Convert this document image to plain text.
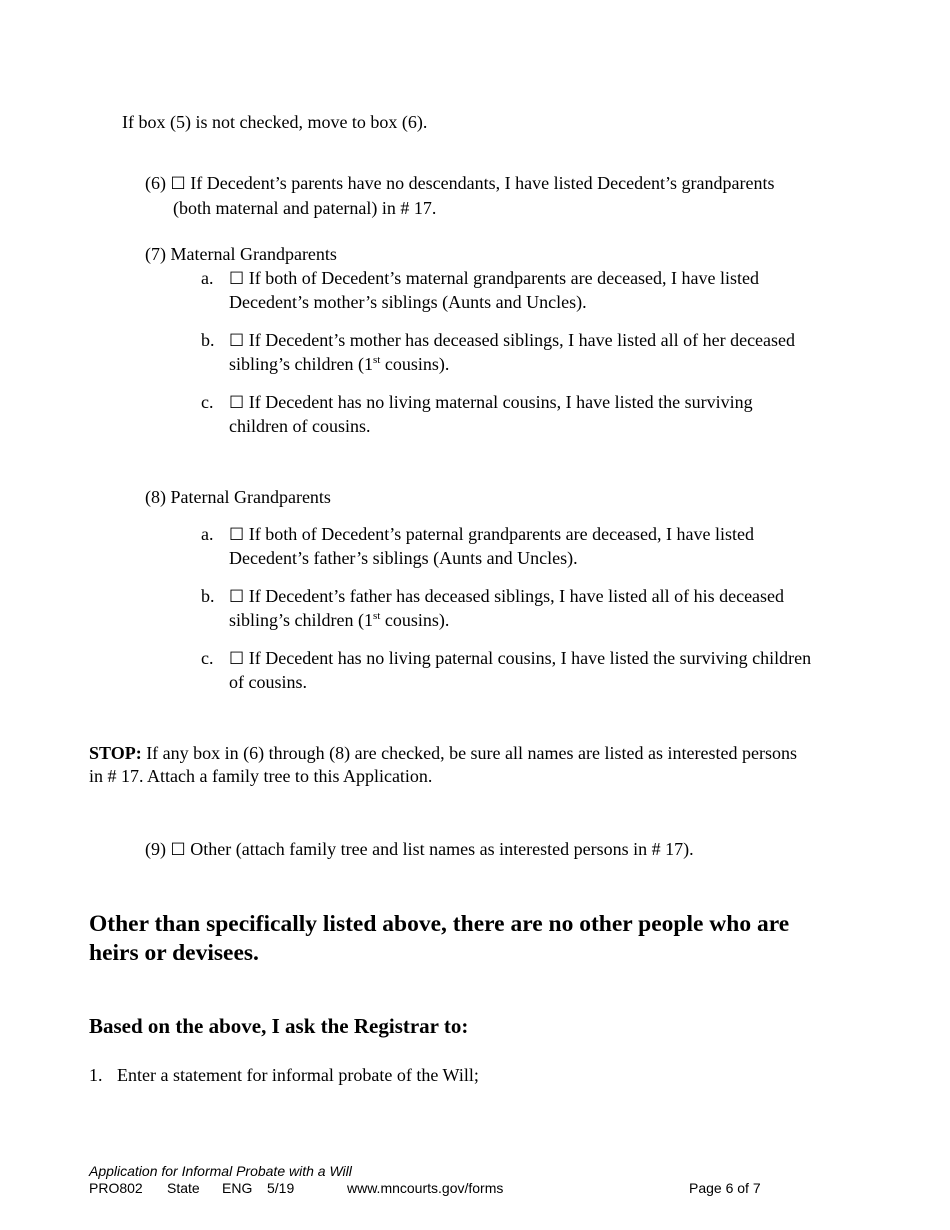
If box (5) is not checked, move to box (6).
(6) ☐ If Decedent’s parents have no descendants, I have listed Decedent’s grandparents
(both maternal and paternal) in # 17.
(7) Maternal Grandparents
a. ☐ If both of Decedent’s maternal grandparents are deceased, I have listed
Decedent’s mother’s siblings (Aunts and Uncles).
b. ☐ If Decedent’s mother has deceased siblings, I have listed all of her deceased
sibling’s children (1st cousins).
c. ☐ If Decedent has no living maternal cousins, I have listed the surviving
children of cousins.
(8) Paternal Grandparents
a. ☐ If both of Decedent’s paternal grandparents are deceased, I have listed
Decedent’s father’s siblings (Aunts and Uncles).
b. ☐ If Decedent’s father has deceased siblings, I have listed all of his deceased
sibling’s children (1st cousins).
c. ☐ If Decedent has no living paternal cousins, I have listed the surviving children
of cousins.
STOP: If any box in (6) through (8) are checked, be sure all names are listed as interested persons
in # 17. Attach a family tree to this Application.
(9) ☐ Other (attach family tree and list names as interested persons in # 17).
Other than specifically listed above, there are no other people who are
heirs or devisees.
Based on the above, I ask the Registrar to:
1. Enter a statement for informal probate of the Will;
Application for Informal Probate with a Will
PRO802 State ENG 5/19	www.mncourts.gov/forms	Page 6 of 7
